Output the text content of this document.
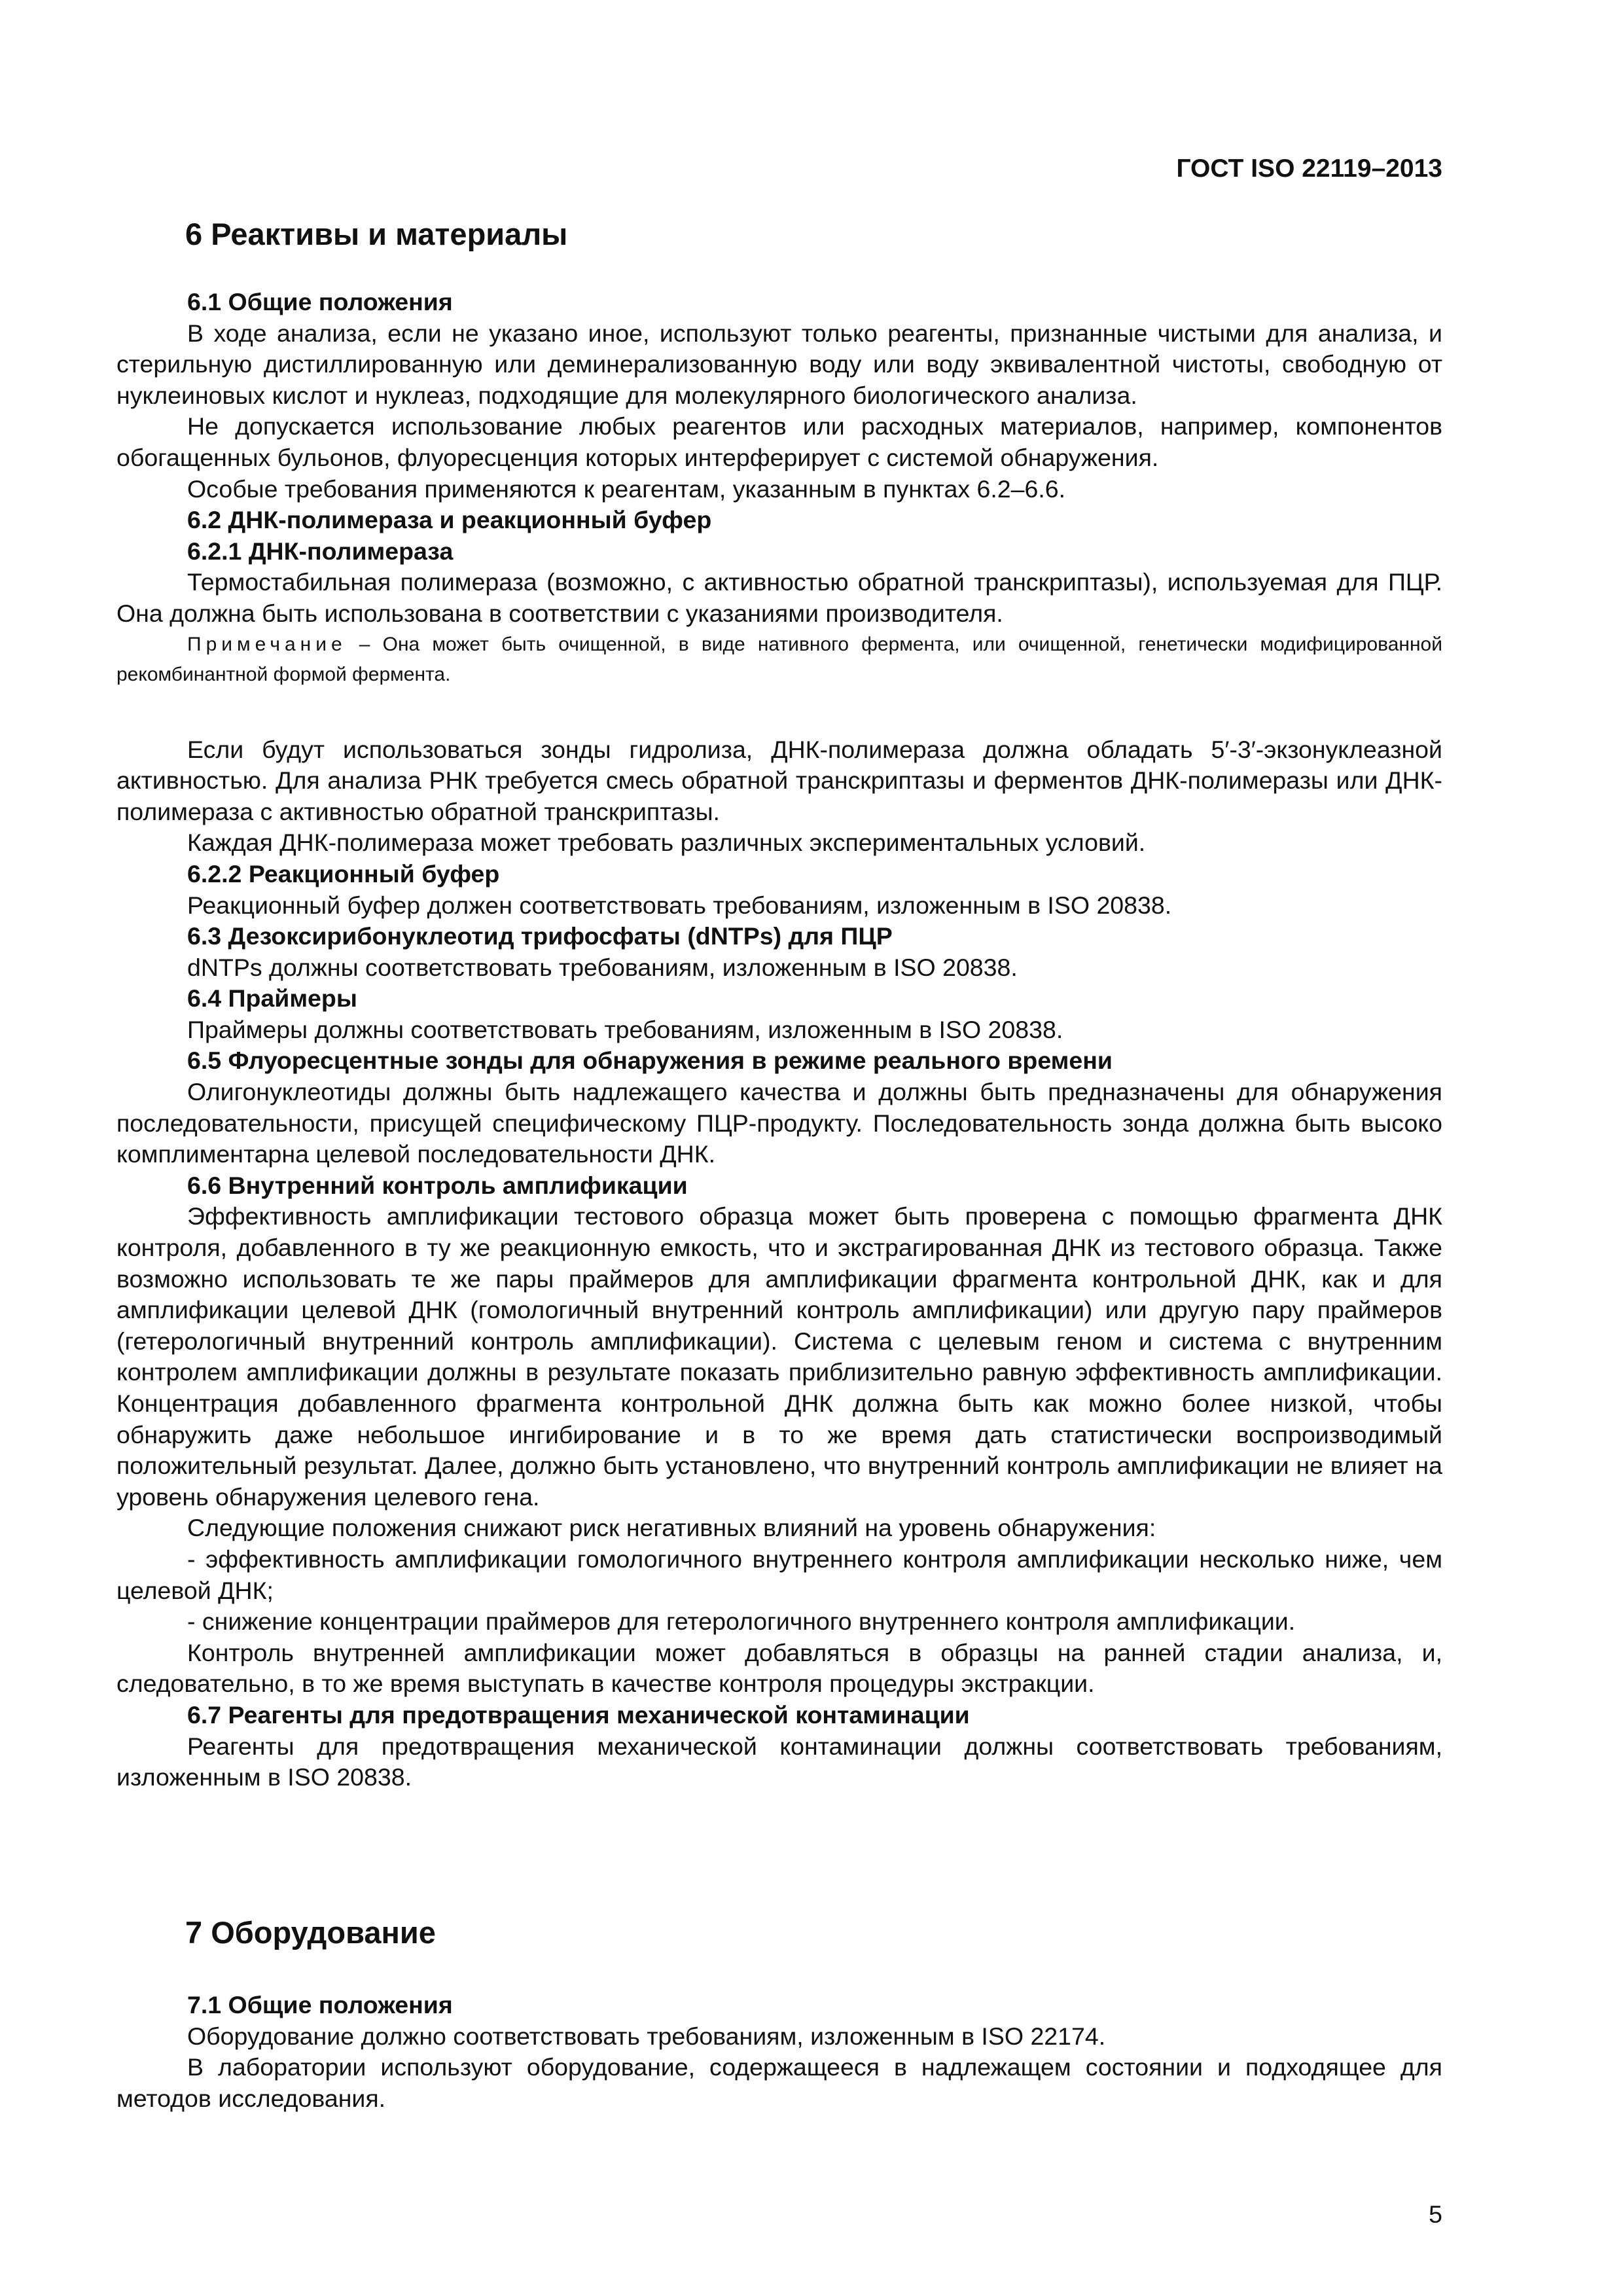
ГОСТ ISO 22119–2013
6 Реактивы и материалы

6.1 Общие положения

В ходе анализа, если не указано иное, используют только реагенты, признанные чистыми для анализа, и стерильную дистиллированную или деминерализованную воду или воду эквивалентной чистоты, свободную от нуклеиновых кислот и нуклеаз, подходящие для молекулярного биологического анализа.

Не допускается использование любых реагентов или расходных материалов, например, компонентов обогащенных бульонов, флуоресценция которых интерферирует с системой обнаружения.

Особые требования применяются к реагентам, указанным в пунктах 6.2–6.6.

6.2 ДНК-полимераза и реакционный буфер

6.2.1 ДНК-полимераза

Термостабильная полимераза (возможно, с активностью обратной транскриптазы), используемая для ПЦР. Она должна быть использована в соответствии с указаниями производителя.

Примечание – Она может быть очищенной, в виде нативного фермента, или очищенной, генетически модифицированной рекомбинантной формой фермента.

Если будут использоваться зонды гидролиза, ДНК-полимераза должна обладать 5′-3′-экзонуклеазной активностью. Для анализа РНК требуется смесь обратной транскриптазы и ферментов ДНК-полимеразы или ДНК-полимераза с активностью обратной транскриптазы.

Каждая ДНК-полимераза может требовать различных экспериментальных условий.

6.2.2 Реакционный буфер

Реакционный буфер должен соответствовать требованиям, изложенным в ISO 20838.

6.3 Дезоксирибонуклеотид трифосфаты (dNTPs) для ПЦР

dNTPs должны соответствовать требованиям, изложенным в ISO 20838.

6.4 Праймеры

Праймеры должны соответствовать требованиям, изложенным в ISO 20838.

6.5 Флуоресцентные зонды для обнаружения в режиме реального времени

Олигонуклеотиды должны быть надлежащего качества и должны быть предназначены для обнаружения последовательности, присущей специфическому ПЦР-продукту. Последовательность зонда должна быть высоко комплиментарна целевой последовательности ДНК.

6.6 Внутренний контроль амплификации

Эффективность амплификации тестового образца может быть проверена с помощью фрагмента ДНК контроля, добавленного в ту же реакционную емкость, что и экстрагированная ДНК из тестового образца. Также возможно использовать те же пары праймеров для амплификации фрагмента контрольной ДНК, как и для амплификации целевой ДНК (гомологичный внутренний контроль амплификации) или другую пару праймеров (гетерологичный внутренний контроль амплификации). Система с целевым геном и система с внутренним контролем амплификации должны в результате показать приблизительно равную эффективность амплификации. Концентрация добавленного фрагмента контрольной ДНК должна быть как можно более низкой, чтобы обнаружить даже небольшое ингибирование и в то же время дать статистически воспроизводимый положительный результат. Далее, должно быть установлено, что внутренний контроль амплификации не влияет на уровень обнаружения целевого гена.

Следующие положения снижают риск негативных влияний на уровень обнаружения:

- эффективность амплификации гомологичного внутреннего контроля амплификации несколько ниже, чем целевой ДНК;

- снижение концентрации праймеров для гетерологичного внутреннего контроля амплификации.

Контроль внутренней амплификации может добавляться в образцы на ранней стадии анализа, и, следовательно, в то же время выступать в качестве контроля процедуры экстракции.

6.7 Реагенты для предотвращения механической контаминации

Реагенты для предотвращения механической контаминации должны соответствовать требованиям, изложенным в ISO 20838.

7 Оборудование

7.1 Общие положения

Оборудование должно соответствовать требованиям, изложенным в ISO 22174.

В лаборатории используют оборудование, содержащееся в надлежащем состоянии и подходящее для методов исследования.

5
